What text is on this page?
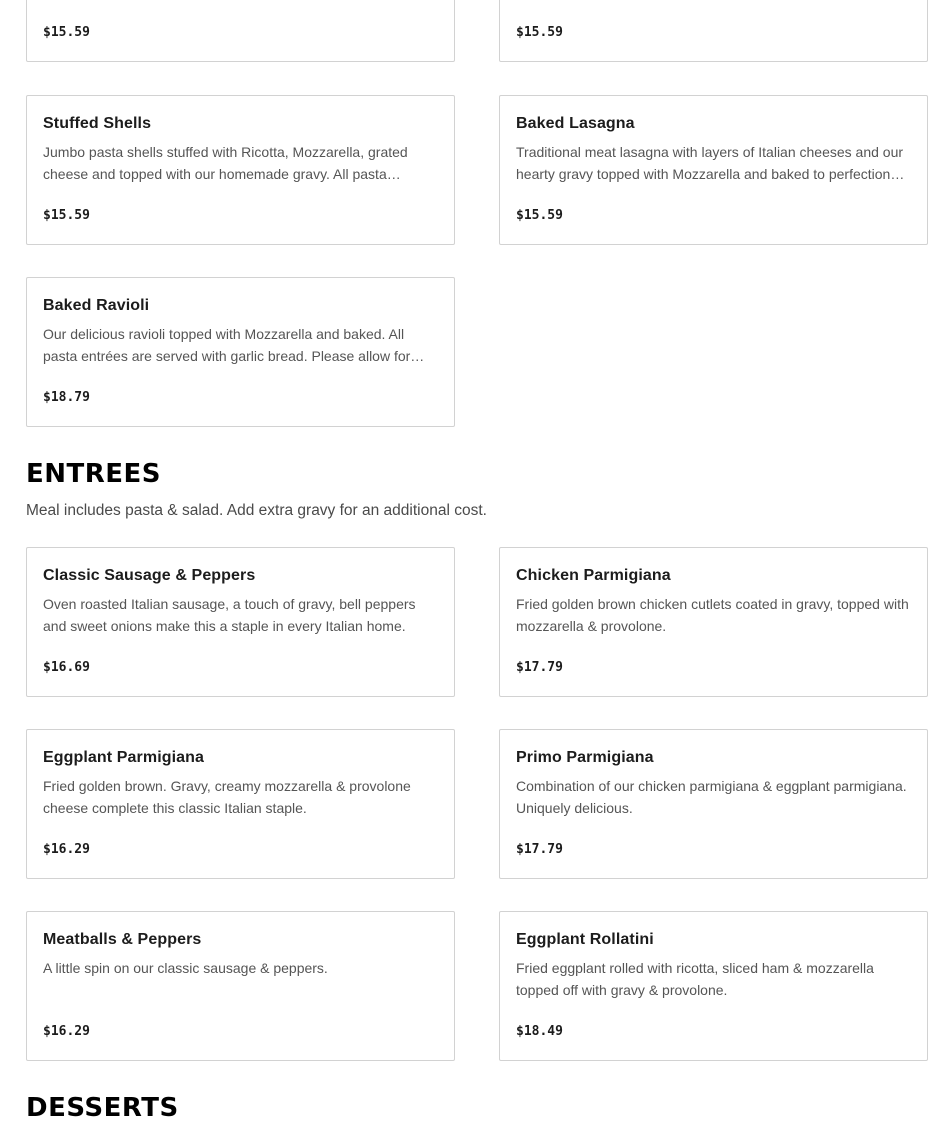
$15.59	$15.59
Stuffed Shells
Jumbo pasta shells stuffed with Ricotta, Mozzarella, grated cheese and topped with our homemade gravy. All pasta…
$15.59
Baked Lasagna
Traditional meat lasagna with layers of Italian cheeses and our hearty gravy topped with Mozzarella and baked to perfection…
$15.59
Baked Ravioli
Our delicious ravioli topped with Mozzarella and baked. All pasta entrées are served with garlic bread. Please allow for…
$18.79
ENTREES

Meal includes pasta & salad. Add extra gravy for an additional cost.

Classic Sausage & Peppers
Oven roasted Italian sausage, a touch of gravy, bell peppers and sweet onions make this a staple in every Italian home.
$16.69
Chicken Parmigiana
Fried golden brown chicken cutlets coated in gravy, topped with mozzarella & provolone.
$17.79
Eggplant Parmigiana
Fried golden brown. Gravy, creamy mozzarella & provolone cheese complete this classic Italian staple.
$16.29
Primo Parmigiana
Combination of our chicken parmigiana & eggplant parmigiana. Uniquely delicious.
$17.79
Meatballs & Peppers
A little spin on our classic sausage & peppers.
$16.29
Eggplant Rollatini
Fried eggplant rolled with ricotta, sliced ham & mozzarella topped off with gravy & provolone.
$18.49
DESSERTS
